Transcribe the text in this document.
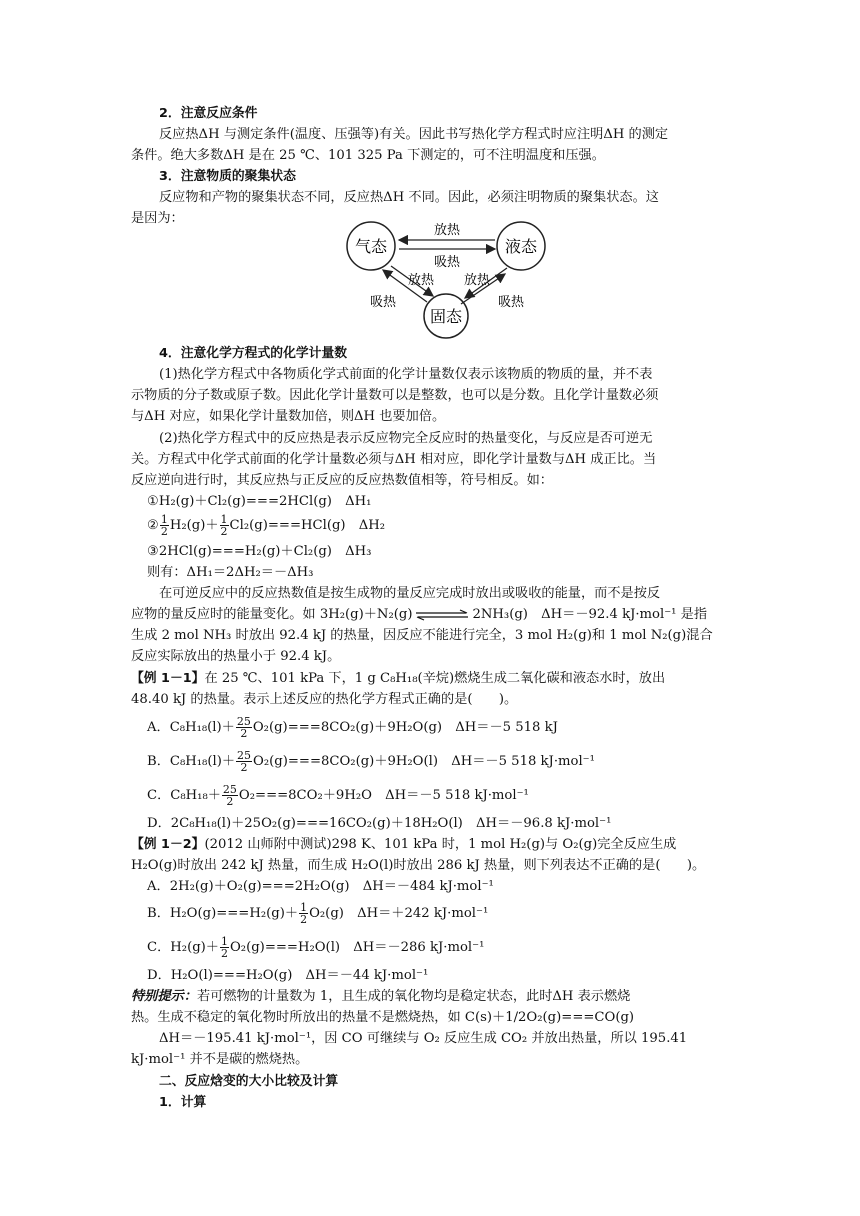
2．注意反应条件
反应热ΔH 与测定条件(温度、压强等)有关。因此书写热化学方程式时应注明ΔH 的测定
条件。绝大多数ΔH 是在 25 ℃、101 325 Pa 下测定的，可不注明温度和压强。
3．注意物质的聚集状态
反应物和产物的聚集状态不同，反应热ΔH 不同。因此，必须注明物质的聚集状态。这
是因为：
气态	液态
固态
放热
吸热
放热
吸热
放热
吸热
4．注意化学方程式的化学计量数
(1)热化学方程式中各物质化学式前面的化学计量数仅表示该物质的物质的量，并不表
示物质的分子数或原子数。因此化学计量数可以是整数，也可以是分数。且化学计量数必须
与ΔH 对应，如果化学计量数加倍，则ΔH 也要加倍。
(2)热化学方程式中的反应热是表示反应物完全反应时的热量变化，与反应是否可逆无
关。方程式中化学式前面的化学计量数必须与ΔH 相对应，即化学计量数与ΔH 成正比。当
反应逆向进行时，其反应热与正反应的反应热数值相等，符号相反。如：
①H₂(g)＋Cl₂(g)===2HCl(g)　ΔH₁
② $\frac{1}{2} H_2(g)+ \frac{1}{2} Cl_2(g)===HCl(g)$　ΔH₂
③2HCl(g)===H₂(g)＋Cl₂(g)　ΔH₃
则有：ΔH₁＝2ΔH₂＝－ΔH₃
在可逆反应中的反应热数值是按生成物的量反应完成时放出或吸收的能量，而不是按反
应物的量反应时的能量变化。如 3H₂(g)＋N₂(g)	2NH₃(g)　ΔH＝－92.4 kJ·mol⁻¹ 是指
生成 2 mol NH₃ 时放出 92.4 kJ 的热量，因反应不能进行完全，3 mol H₂(g)和 1 mol N₂(g)混合
反应实际放出的热量小于 92.4 kJ。
【例 1－1】在 25 ℃、101 kPa 下，1 g C₈H₁₈(辛烷)燃烧生成二氧化碳和液态水时，放出
48.40 kJ 的热量。表示上述反应的热化学方程式正确的是(　　)。
A．$C_8H_{18}(l)+ \frac{25}{2} O_2(g)===8CO_2(g)+9H_2O(g)$　ΔH＝－5 518 kJ
B．$C_8H_{18}(l)+ \frac{25}{2} O_2(g)===8CO_2(g)+9H_2O(l)$　ΔH＝－5 518 kJ·mol⁻¹
C．$C_8H_{18}+ \frac{25}{2} O_2===8CO_2+9H_2O$　ΔH＝－5 518 kJ·mol⁻¹
D．2C₈H₁₈(l)＋25O₂(g)===16CO₂(g)＋18H₂O(l)　ΔH＝－96.8 kJ·mol⁻¹
【例 1－2】(2012 山师附中测试)298 K、101 kPa 时，1 mol H₂(g)与 O₂(g)完全反应生成
H₂O(g)时放出 242 kJ 热量，而生成 H₂O(l)时放出 286 kJ 热量，则下列表达不正确的是(　　)。
A．2H₂(g)＋O₂(g)===2H₂O(g)　ΔH＝－484 kJ·mol⁻¹
B．$H_2O(g)===H_2(g)+ \frac{1}{2} O_2(g)$　ΔH＝＋242 kJ·mol⁻¹
C．$H_2(g)+ \frac{1}{2} O_2(g)===H_2O(l)$　ΔH＝－286 kJ·mol⁻¹
D．H₂O(l)===H₂O(g)　ΔH＝－44 kJ·mol⁻¹
特别提示：若可燃物的计量数为 1，且生成的氧化物均是稳定状态，此时ΔH 表示燃烧
热。生成不稳定的氧化物时所放出的热量不是燃烧热，如 C(s)＋1/2O₂(g)===CO(g)
ΔH＝－195.41 kJ·mol⁻¹，因 CO 可继续与 O₂ 反应生成 CO₂ 并放出热量，所以 195.41
kJ·mol⁻¹ 并不是碳的燃烧热。
二、反应焓变的大小比较及计算
1．计算
